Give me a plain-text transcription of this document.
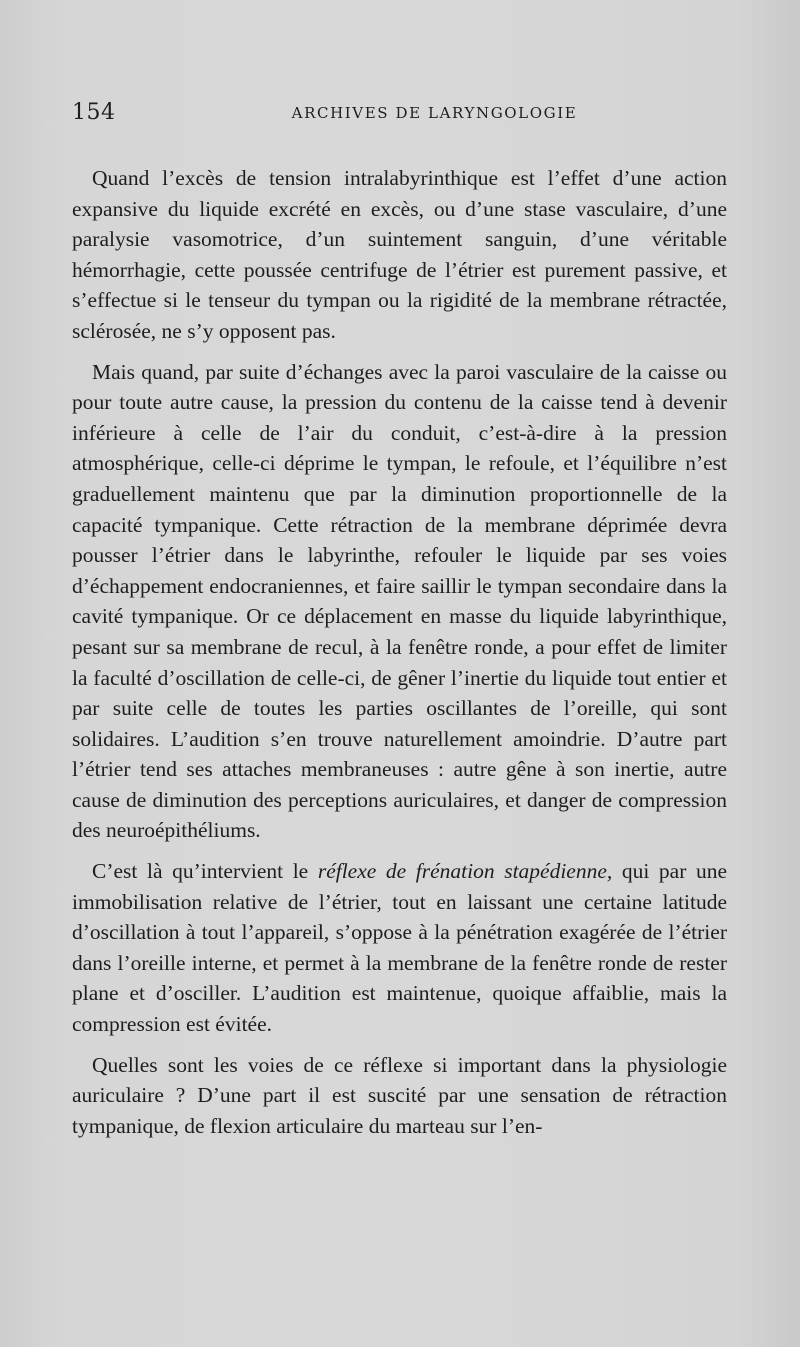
154	ARCHIVES DE LARYNGOLOGIE

Quand l’excès de tension intralabyrinthique est l’effet d’une action expansive du liquide excrété en excès, ou d’une stase vasculaire, d’une paralysie vasomotrice, d’un suintement sanguin, d’une véritable hémorrhagie, cette poussée centrifuge de l’étrier est purement passive, et s’effectue si le tenseur du tympan ou la rigidité de la membrane rétractée, sclérosée, ne s’y opposent pas.

Mais quand, par suite d’échanges avec la paroi vasculaire de la caisse ou pour toute autre cause, la pression du contenu de la caisse tend à devenir inférieure à celle de l’air du conduit, c’est-à-dire à la pression atmosphérique, celle-ci déprime le tympan, le refoule, et l’équilibre n’est graduellement maintenu que par la diminution proportionnelle de la capacité tympanique. Cette rétraction de la membrane déprimée devra pousser l’étrier dans le labyrinthe, refouler le liquide par ses voies d’échappement endocraniennes, et faire saillir le tympan secondaire dans la cavité tympanique. Or ce déplacement en masse du liquide labyrinthique, pesant sur sa membrane de recul, à la fenêtre ronde, a pour effet de limiter la faculté d’oscillation de celle-ci, de gêner l’inertie du liquide tout entier et par suite celle de toutes les parties oscillantes de l’oreille, qui sont solidaires. L’audition s’en trouve naturellement amoindrie. D’autre part l’étrier tend ses attaches membraneuses : autre gêne à son inertie, autre cause de diminution des perceptions auriculaires, et danger de compression des neuroépithéliums.

C’est là qu’intervient le réflexe de frénation stapédienne, qui par une immobilisation relative de l’étrier, tout en laissant une certaine latitude d’oscillation à tout l’appareil, s’oppose à la pénétration exagérée de l’étrier dans l’oreille interne, et permet à la membrane de la fenêtre ronde de rester plane et d’osciller. L’audition est maintenue, quoique affaiblie, mais la compression est évitée.

Quelles sont les voies de ce réflexe si important dans la physiologie auriculaire ? D’une part il est suscité par une sensation de rétraction tympanique, de flexion articulaire du marteau sur l’en-
